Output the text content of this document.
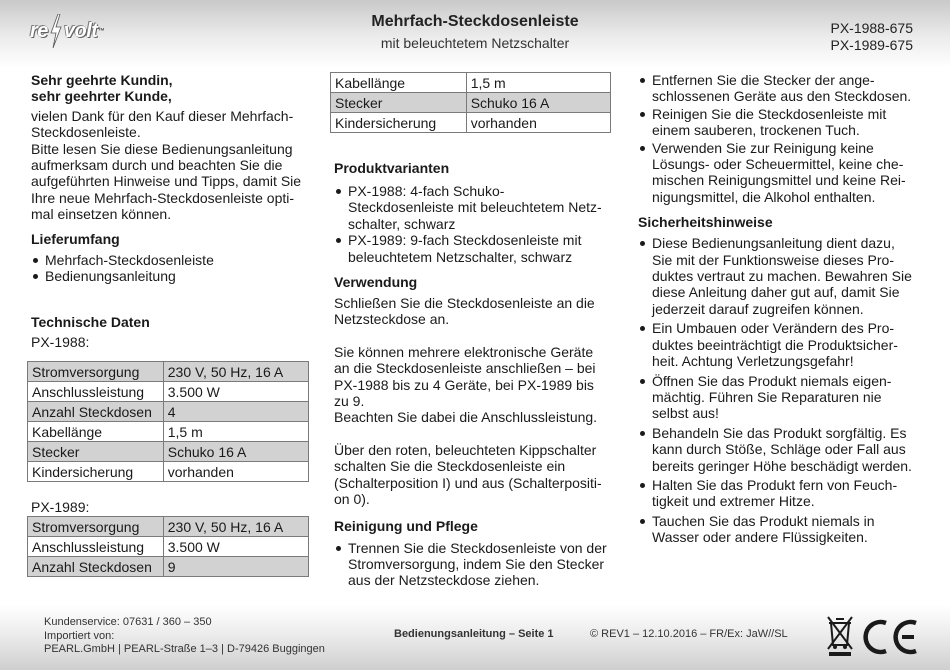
re volt ™
Mehrfach-Steckdosenleiste
mit beleuchtetem Netzschalter
PX-1988-675
PX-1989-675

Sehr geehrte Kundin,

sehr geehrter Kunde,

vielen Dank für den Kauf dieser Mehrfach-

Steckdosenleiste.

Bitte lesen Sie diese Bedienungsanleitung

aufmerksam durch und beachten Sie die

aufgeführten Hinweise und Tipps, damit Sie

Ihre neue Mehrfach-Steckdosenleiste opti-

mal einsetzen können.

Lieferumfang
Mehrfach-Steckdosenleiste
Bedienungsanleitung
Technische Daten

PX-1988:

Stromversorgung	230 V, 50 Hz, 16 A
Anschlussleistung	3.500 W
Anzahl Steckdosen	4
Kabellänge	1,5 m
Stecker	Schuko 16 A
Kindersicherung	vorhanden

PX-1989:

Stromversorgung	230 V, 50 Hz, 16 A
Anschlussleistung	3.500 W
Anzahl Steckdosen	9
Kabellänge	1,5 m
Stecker	Schuko 16 A
Kindersicherung	vorhanden
Produktvarianten
PX-1988: 4-fach Schuko-
Steckdosenleiste mit beleuchtetem Netz-
schalter, schwarz
PX-1989: 9-fach Steckdosenleiste mit
beleuchtetem Netzschalter, schwarz
Verwendung

Schließen Sie die Steckdosenleiste an die

Netzsteckdose an.

Sie können mehrere elektronische Geräte

an die Steckdosenleiste anschließen – bei

PX-1988 bis zu 4 Geräte, bei PX-1989 bis

zu 9.

Beachten Sie dabei die Anschlussleistung.

Über den roten, beleuchteten Kippschalter

schalten Sie die Steckdosenleiste ein

(Schalterposition I) und aus (Schalterpositi-

on 0).

Reinigung und Pflege
Trennen Sie die Steckdosenleiste von der
Stromversorgung, indem Sie den Stecker
aus der Netzsteckdose ziehen.
Entfernen Sie die Stecker der ange-
schlossenen Geräte aus den Steckdosen.
Reinigen Sie die Steckdosenleiste mit
einem sauberen, trockenen Tuch.
Verwenden Sie zur Reinigung keine
Lösungs- oder Scheuermittel, keine che-
mischen Reinigungsmittel und keine Rei-
nigungsmittel, die Alkohol enthalten.
Sicherheitshinweise
Diese Bedienungsanleitung dient dazu,
Sie mit der Funktionsweise dieses Pro-
duktes vertraut zu machen. Bewahren Sie
diese Anleitung daher gut auf, damit Sie
jederzeit darauf zugreifen können.
Ein Umbauen oder Verändern des Pro-
duktes beeinträchtigt die Produktsicher-
heit. Achtung Verletzungsgefahr!
Öffnen Sie das Produkt niemals eigen-
mächtig. Führen Sie Reparaturen nie
selbst aus!
Behandeln Sie das Produkt sorgfältig. Es
kann durch Stöße, Schläge oder Fall aus
bereits geringer Höhe beschädigt werden.
Halten Sie das Produkt fern von Feuch-
tigkeit und extremer Hitze.
Tauchen Sie das Produkt niemals in
Wasser oder andere Flüssigkeiten.
Kundenservice: 07631 / 360 – 350
Importiert von:
PEARL.GmbH | PEARL-Straße 1–3 | D-79426 Buggingen
Bedienungsanleitung – Seite 1	© REV1 – 12.10.2016 – FR/Ex: JaW//SL
